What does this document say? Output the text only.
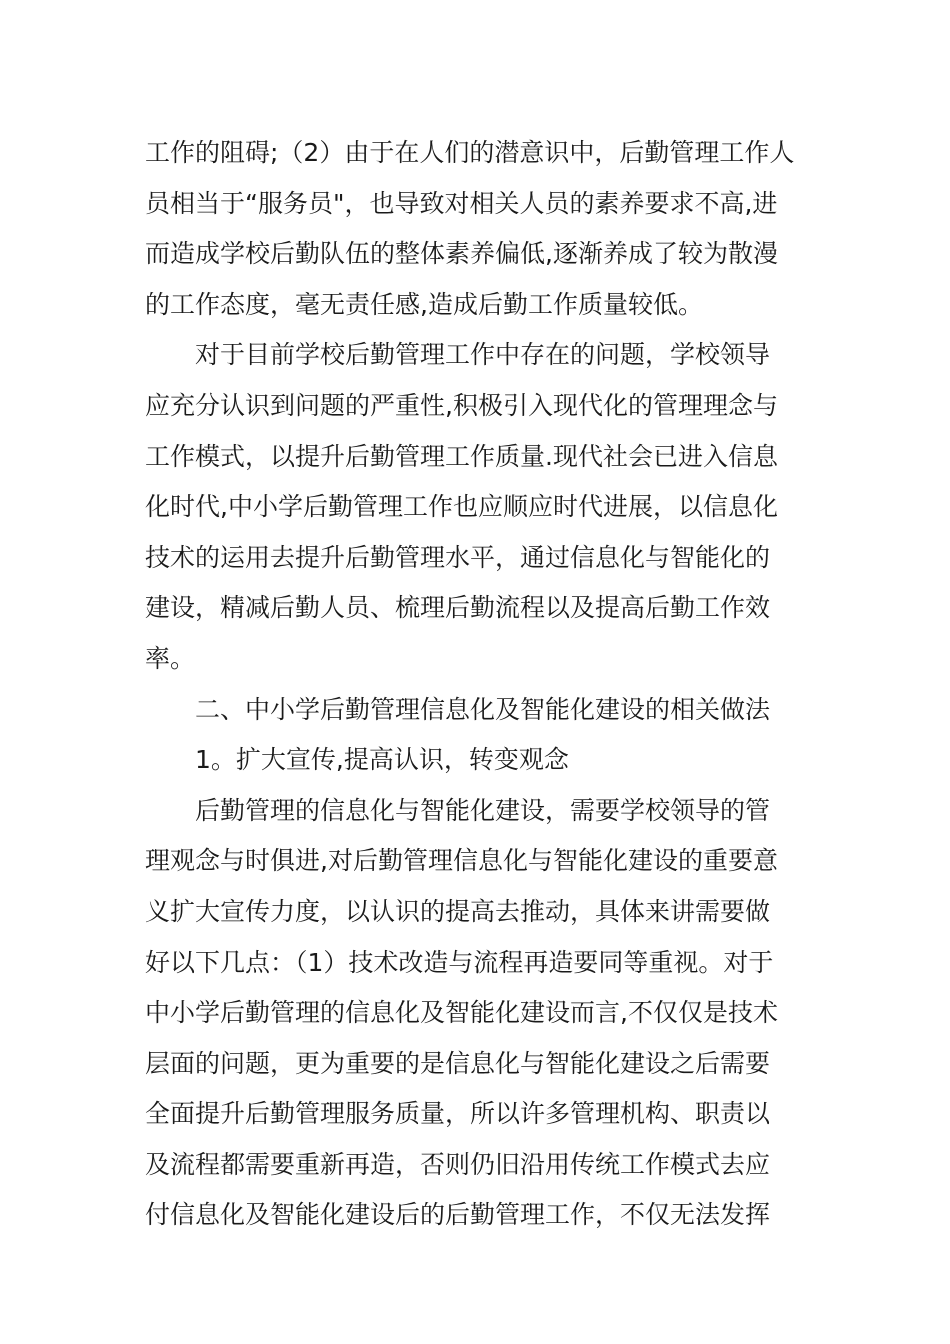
工作的阻碍;（2）由于在人们的潜意识中，后勤管理工作人
员相当于“服务员"，也导致对相关人员的素养要求不高,进
而造成学校后勤队伍的整体素养偏低,逐渐养成了较为散漫
的工作态度，毫无责任感,造成后勤工作质量较低。
对于目前学校后勤管理工作中存在的问题，学校领导
应充分认识到问题的严重性,积极引入现代化的管理理念与
工作模式，以提升后勤管理工作质量.现代社会已进入信息
化时代,中小学后勤管理工作也应顺应时代进展，以信息化
技术的运用去提升后勤管理水平，通过信息化与智能化的
建设，精减后勤人员、梳理后勤流程以及提高后勤工作效
率。
二、中小学后勤管理信息化及智能化建设的相关做法
1。扩大宣传,提高认识，转变观念
后勤管理的信息化与智能化建设，需要学校领导的管
理观念与时俱进,对后勤管理信息化与智能化建设的重要意
义扩大宣传力度，以认识的提高去推动，具体来讲需要做
好以下几点：（1）技术改造与流程再造要同等重视。对于
中小学后勤管理的信息化及智能化建设而言,不仅仅是技术
层面的问题，更为重要的是信息化与智能化建设之后需要
全面提升后勤管理服务质量，所以许多管理机构、职责以
及流程都需要重新再造，否则仍旧沿用传统工作模式去应
付信息化及智能化建设后的后勤管理工作，不仅无法发挥
